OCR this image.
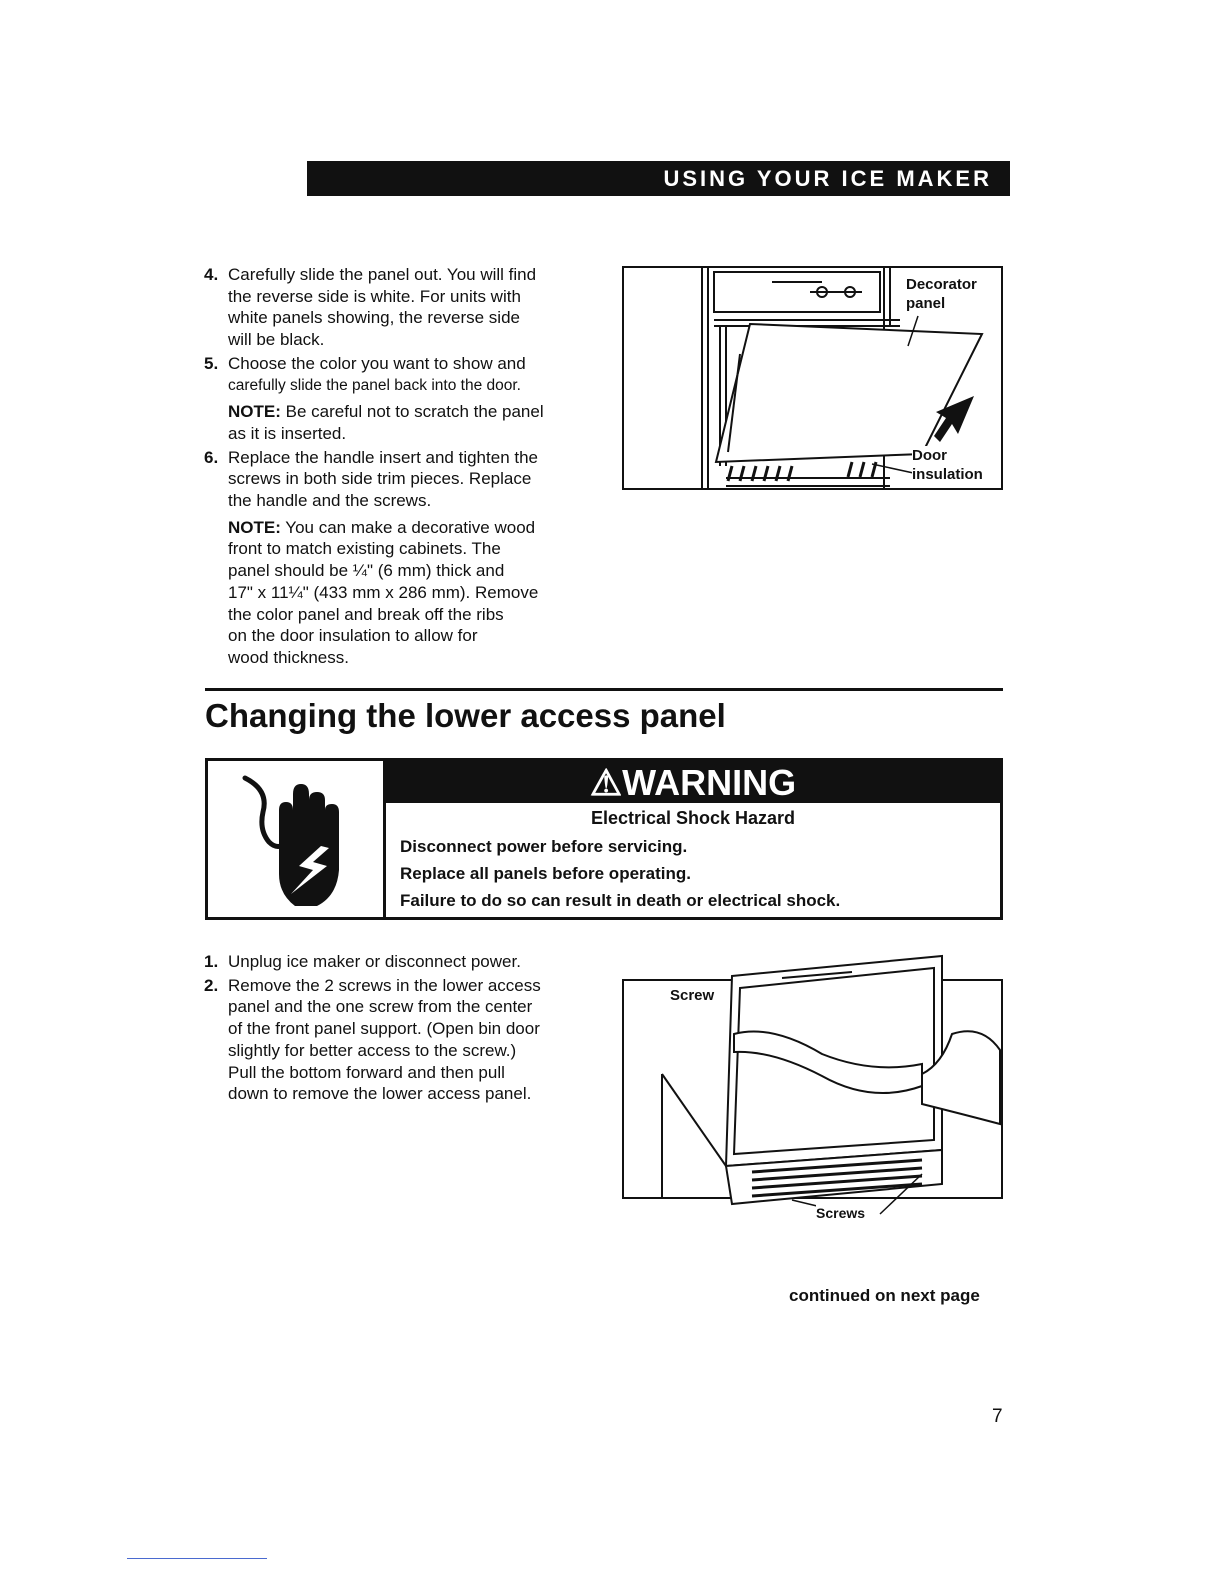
USING YOUR ICE MAKER
4. Carefully slide the panel out. You will find
the reverse side is white. For units with
white panels showing, the reverse side
will be black.
5. Choose the color you want to show and
carefully slide the panel back into the door.
NOTE: Be careful not to scratch the panel
as it is inserted.
6. Replace the handle insert and tighten the
screws in both side trim pieces. Replace
the handle and the screws.
NOTE: You can make a decorative wood
front to match existing cabinets. The
panel should be ¼" (6 mm) thick and
17" x 11¼" (433 mm x 286 mm). Remove
the color panel and break off the ribs
on the door insulation to allow for
wood thickness.
Decorator
panel
Door
insulation
Changing the lower access panel
⚠WARNING
Electrical Shock Hazard
Disconnect power before servicing.
Replace all panels before operating.
Failure to do so can result in death or electrical shock.
1. Unplug ice maker or disconnect power.
2. Remove the 2 screws in the lower access
panel and the one screw from the center
of the front panel support. (Open bin door
slightly for better access to the screw.)
Pull the bottom forward and then pull
down to remove the lower access panel.
Screw
Screws
continued on next page
7
